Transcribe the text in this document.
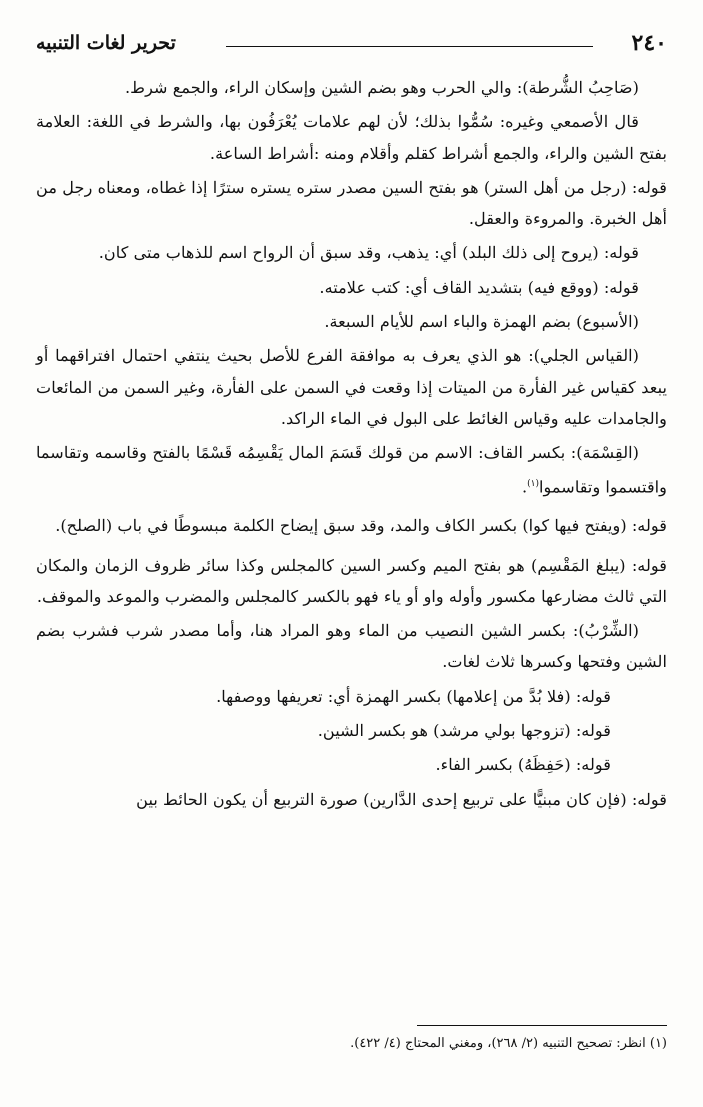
٢٤٠
تحرير لغات التنبيه

(صَاحِبُ الشُّرطة): والي الحرب وهو بضم الشين وإسكان الراء، والجمع شرط.

قال الأصمعي وغيره: سُمُّوا بذلك؛ لأن لهم علامات يُعْرَفُون بها، والشرط في اللغة: العلامة بفتح الشين والراء، والجمع أشراط كقلم وأقلام ومنه :أشراط الساعة.

قوله: (رجل من أهل الستر) هو بفتح السين مصدر ستره يستره سترًا إذا غطاه، ومعناه رجل من أهل الخبرة. والمروءة والعقل.

قوله: (يروح إلى ذلك البلد) أي: يذهب، وقد سبق أن الرواح اسم للذهاب متى كان.

قوله: (ووقع فيه) بتشديد القاف أي: كتب علامته.

(الأسبوع) بضم الهمزة والباء اسم للأيام السبعة.

(القياس الجلي): هو الذي يعرف به موافقة الفرع للأصل بحيث ينتفي احتمال افتراقهما أو يبعد كقياس غير الفأرة من الميتات إذا وقعت في السمن على الفأرة، وغير السمن من المائعات والجامدات عليه وقياس الغائط على البول في الماء الراكد.

(القِسْمَة): بكسر القاف: الاسم من قولك قَسَمَ المال يَقْسِمُه قَسْمًا بالفتح وقاسمه وتقاسما واقتسموا وتقاسموا$^{(١)}$.

قوله: (ويفتح فيها كوا) بكسر الكاف والمد، وقد سبق إيضاح الكلمة مبسوطًا في باب (الصلح).

قوله: (يبلغ المَقْسِم) هو بفتح الميم وكسر السين كالمجلس وكذا سائر ظروف الزمان والمكان التي ثالث مضارعها مكسور وأوله واو أو ياء فهو بالكسر كالمجلس والمضرب والموعد والموقف.

(الشِّرْبُ): بكسر الشين النصيب من الماء وهو المراد هنا، وأما مصدر شرب فشرب بضم الشين وفتحها وكسرها ثلاث لغات.

قوله: (فلا بُدَّ من إعلامها) بكسر الهمزة أي: تعريفها ووصفها.

قوله: (تزوجها بولي مرشد) هو بكسر الشين.

قوله: (حَفِظَهُ) بكسر الفاء.

قوله: (فإن كان مبنيًّا على تربيع إحدى الدَّارين) صورة التربيع أن يكون الحائط بين

(١) انظر: تصحيح التنبيه (٢/ ٢٦٨)، ومغني المحتاج (٤/ ٤٢٢).
